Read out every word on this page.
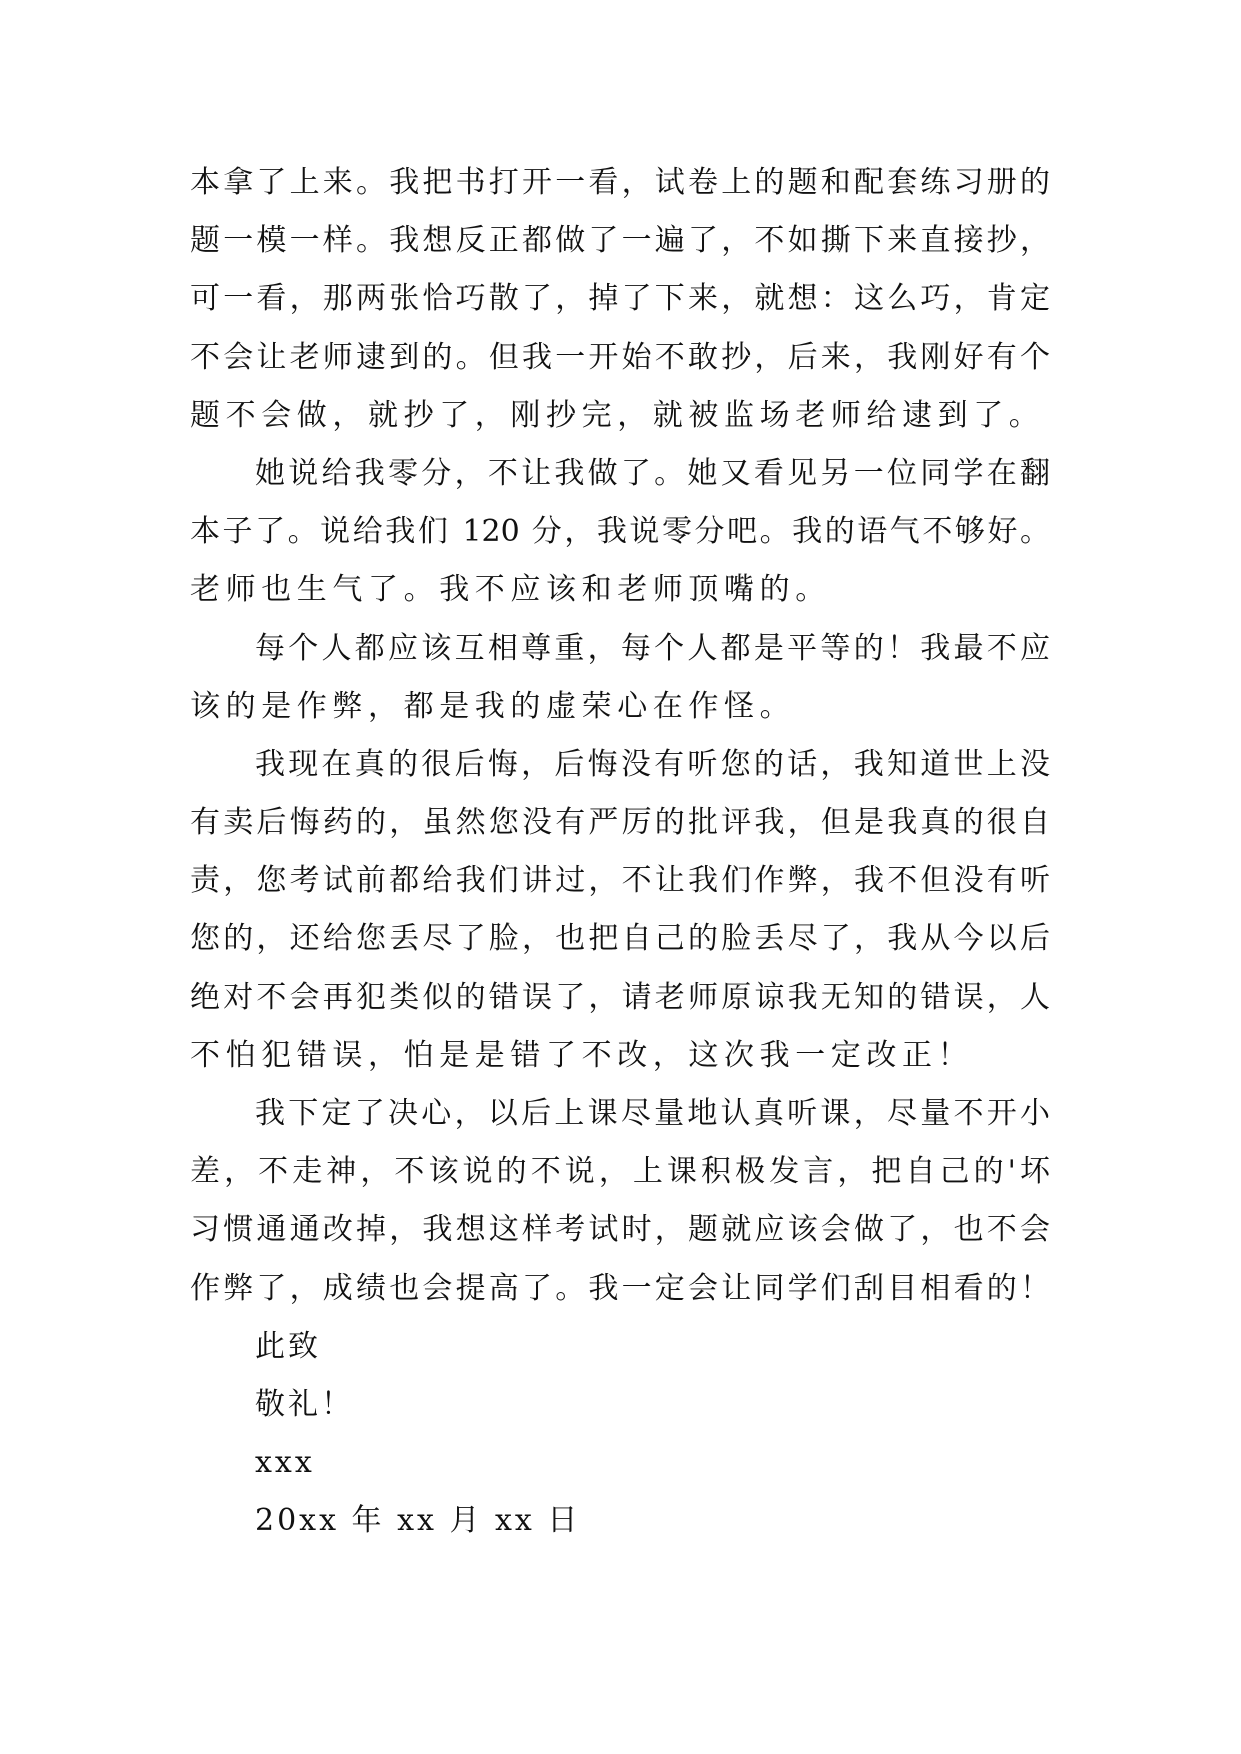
本拿了上来。我把书打开一看，试卷上的题和配套练习册的
题一模一样。我想反正都做了一遍了，不如撕下来直接抄，
可一看，那两张恰巧散了，掉了下来，就想：这么巧，肯定
不会让老师逮到的。但我一开始不敢抄，后来，我刚好有个
题不会做，就抄了，刚抄完，就被监场老师给逮到了。
她说给我零分，不让我做了。她又看见另一位同学在翻
本子了。说给我们 120 分，我说零分吧。我的语气不够好。
老师也生气了。我不应该和老师顶嘴的。
每个人都应该互相尊重，每个人都是平等的！我最不应
该的是作弊，都是我的虚荣心在作怪。
我现在真的很后悔，后悔没有听您的话，我知道世上没
有卖后悔药的，虽然您没有严厉的批评我，但是我真的很自
责，您考试前都给我们讲过，不让我们作弊，我不但没有听
您的，还给您丢尽了脸，也把自己的脸丢尽了，我从今以后
绝对不会再犯类似的错误了，请老师原谅我无知的错误，人
不怕犯错误，怕是是错了不改，这次我一定改正！
我下定了决心，以后上课尽量地认真听课，尽量不开小
差，不走神，不该说的不说，上课积极发言，把自己的'坏
习惯通通改掉，我想这样考试时，题就应该会做了，也不会
作弊了，成绩也会提高了。我一定会让同学们刮目相看的！
此致
敬礼！
xxx
20xx 年 xx 月 xx 日
